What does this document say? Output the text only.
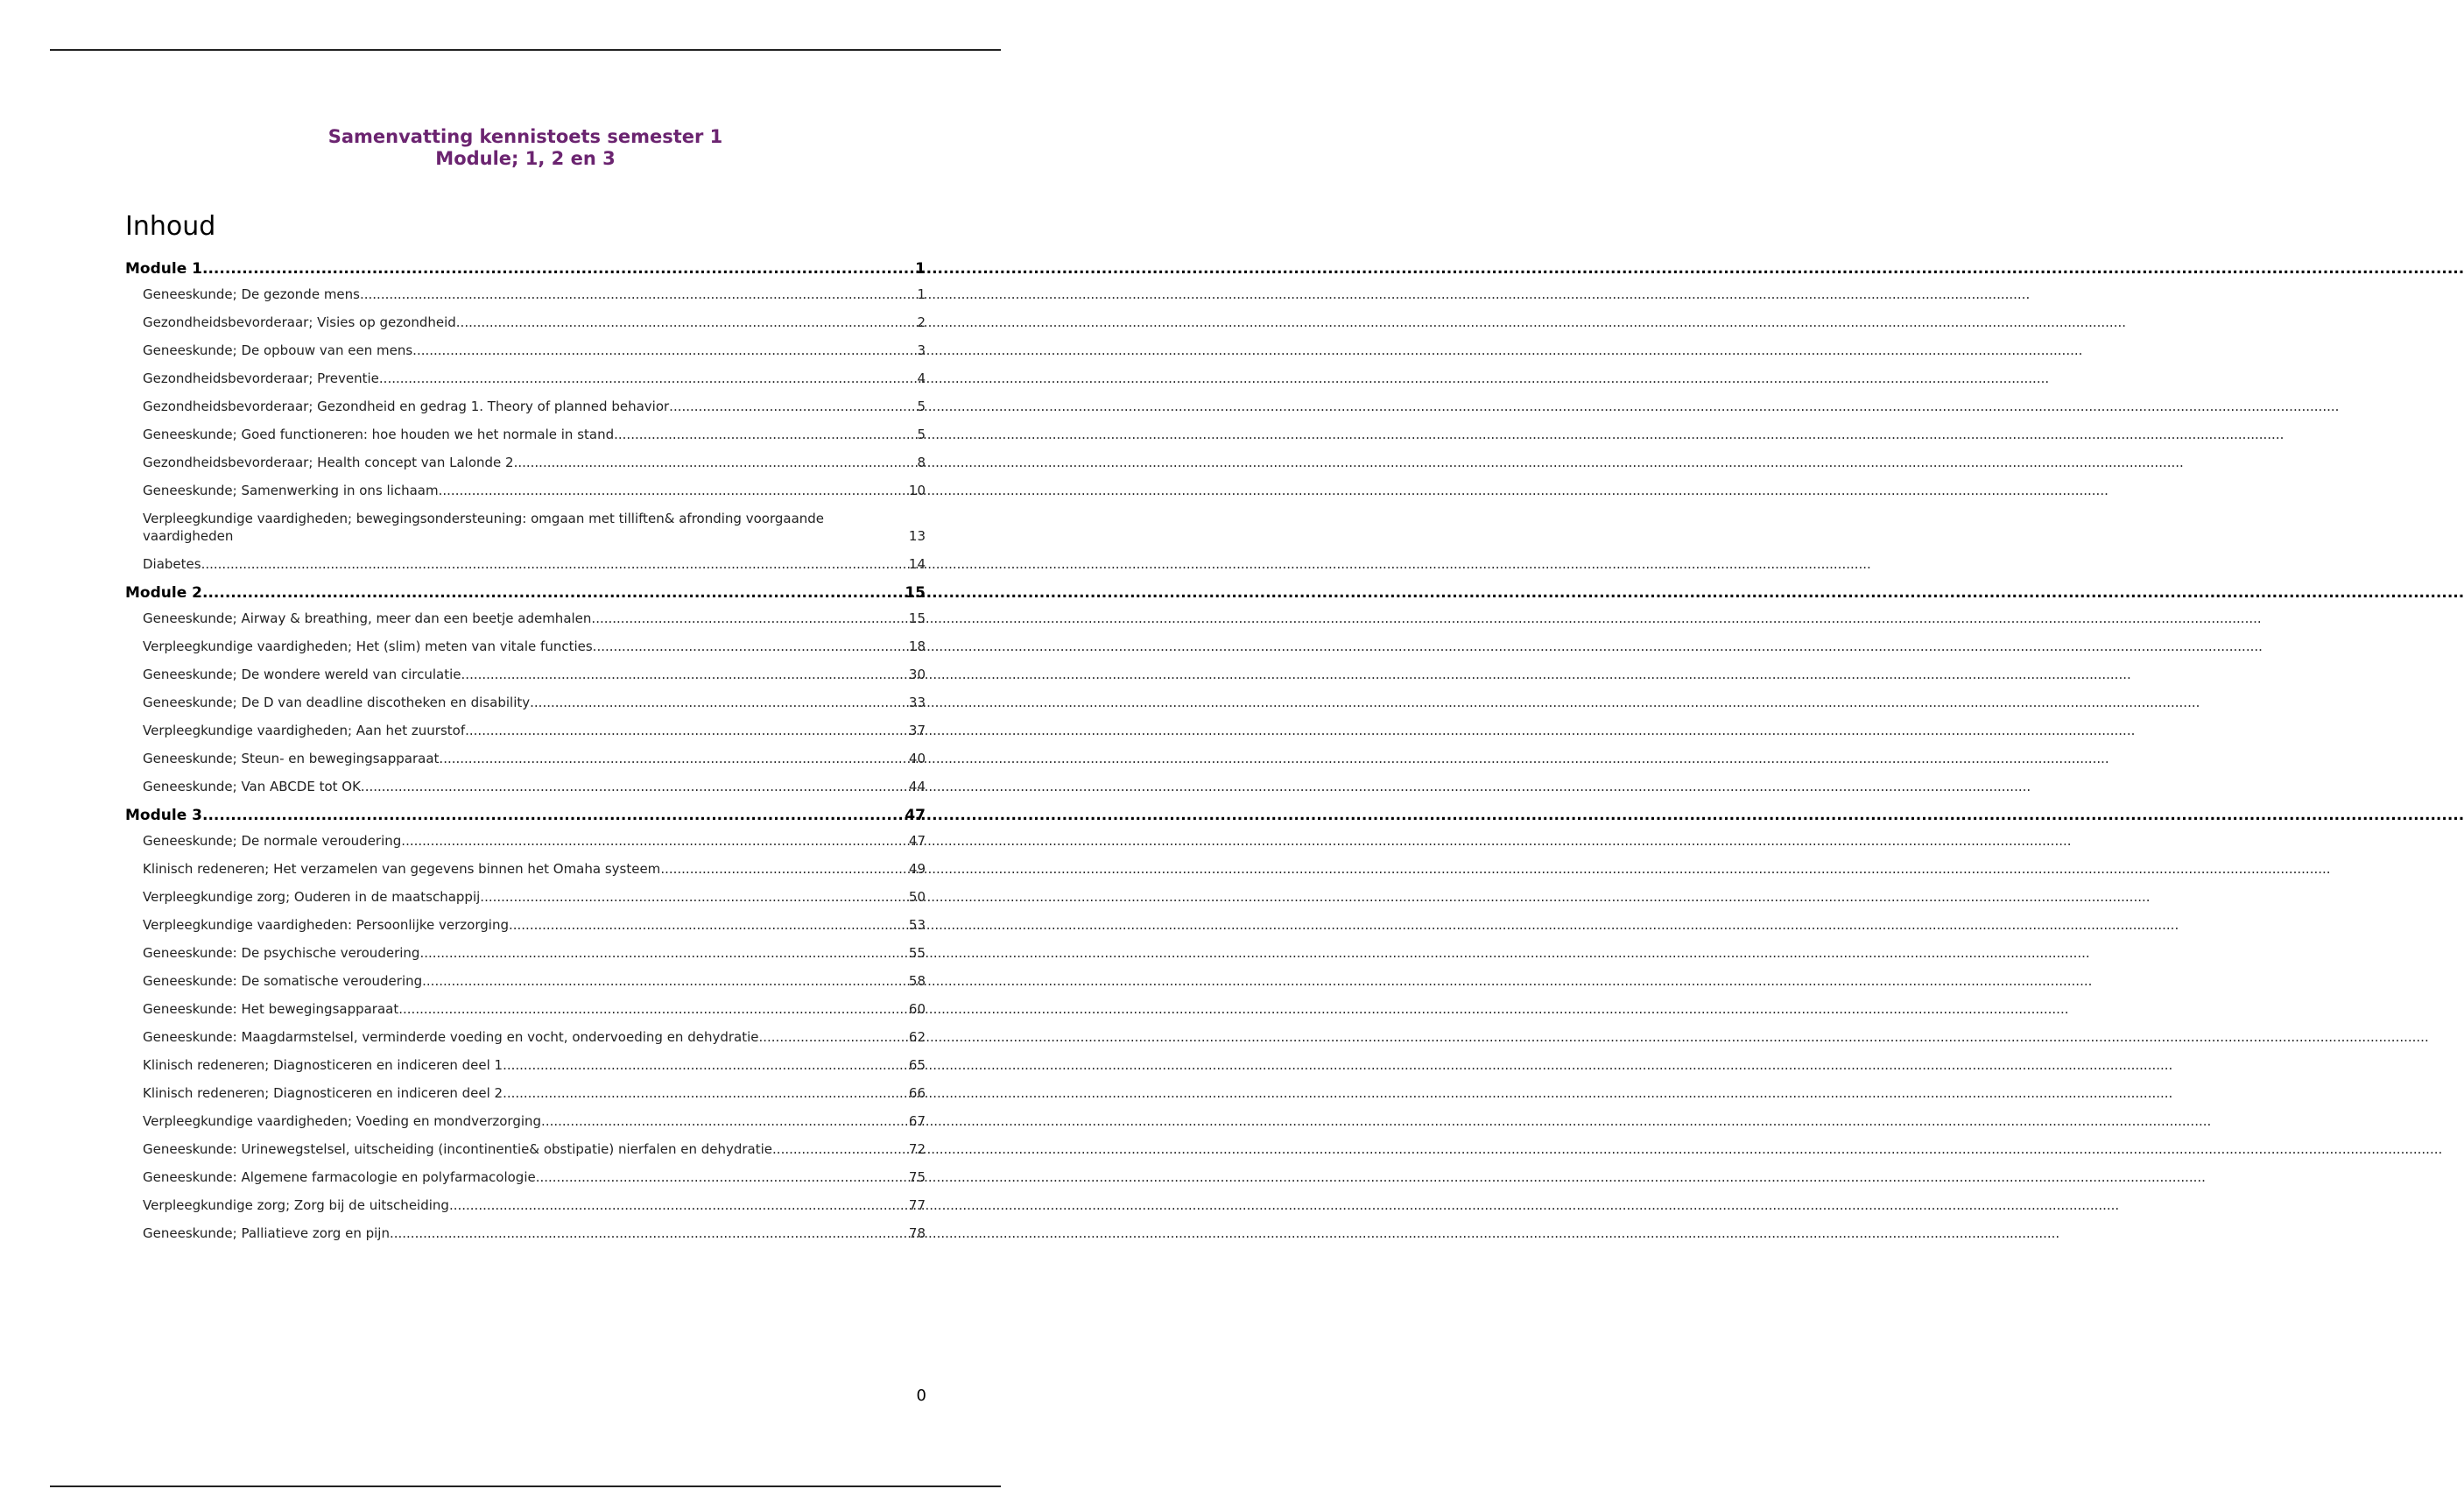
Samenvatting kennistoets semester 1
Module; 1, 2 en 3
Inhoud
Module 1 .....	1
Geneeskunde; De gezonde mens .....	1
Gezondheidsbevorderaar; Visies op gezondheid .....	2
Geneeskunde; De opbouw van een mens .....	3
Gezondheidsbevorderaar; Preventie .....	4
Gezondheidsbevorderaar; Gezondheid en gedrag 1. Theory of planned behavior .....	5
Geneeskunde; Goed functioneren: hoe houden we het normale in stand .....	5
Gezondheidsbevorderaar; Health concept van Lalonde 2 .....	8
Geneeskunde; Samenwerking in ons lichaam .....	10
Verpleegkundige vaardigheden; bewegingsondersteuning: omgaan met tilliften& afronding voorgaande
vaardigheden	13
Diabetes .....	14
Module 2 .....	15
Geneeskunde; Airway & breathing, meer dan een beetje ademhalen .....	15
Verpleegkundige vaardigheden; Het (slim) meten van vitale functies .....	18
Geneeskunde; De wondere wereld van circulatie .....	30
Geneeskunde; De D van deadline discotheken en disability .....	33
Verpleegkundige vaardigheden; Aan het zuurstof .....	37
Geneeskunde; Steun- en bewegingsapparaat .....	40
Geneeskunde; Van ABCDE tot OK .....	44
Module 3 .....	47
Geneeskunde; De normale veroudering .....	47
Klinisch redeneren; Het verzamelen van gegevens binnen het Omaha systeem .....	49
Verpleegkundige zorg; Ouderen in de maatschappij .....	50
Verpleegkundige vaardigheden: Persoonlijke verzorging .....	53
Geneeskunde: De psychische veroudering .....	55
Geneeskunde: De somatische veroudering .....	58
Geneeskunde: Het bewegingsapparaat .....	60
Geneeskunde: Maagdarmstelsel, verminderde voeding en vocht, ondervoeding en dehydratie .....	62
Klinisch redeneren; Diagnosticeren en indiceren deel 1 .....	65
Klinisch redeneren; Diagnosticeren en indiceren deel 2 .....	66
Verpleegkundige vaardigheden; Voeding en mondverzorging .....	67
Geneeskunde: Urinewegstelsel, uitscheiding (incontinentie& obstipatie) nierfalen en dehydratie .....	72
Geneeskunde: Algemene farmacologie en polyfarmacologie .....	75
Verpleegkundige zorg; Zorg bij de uitscheiding .....	77
Geneeskunde; Palliatieve zorg en pijn .....	78
0
